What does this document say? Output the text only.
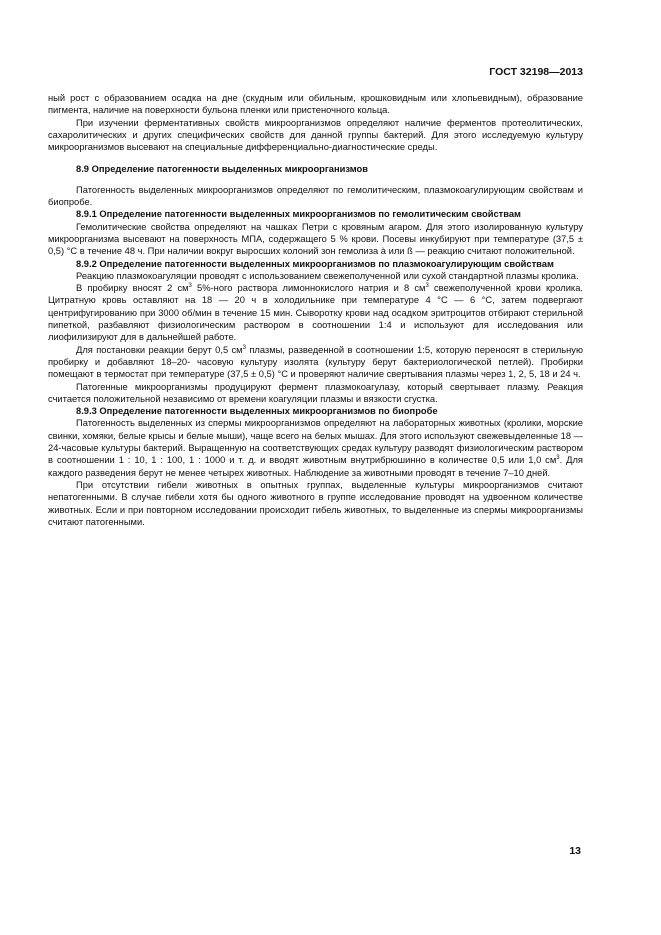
ГОСТ 32198—2013

ный рост с образованием осадка на дне (скудным или обильным, крошковидным или хлопьевидным), образование пигмента, наличие на поверхности бульона пленки или пристеночного кольца.

При изучении ферментативных свойств микроорганизмов определяют наличие ферментов протеолитических, сахаролитических и других специфических свойств для данной группы бактерий. Для этого исследуемую культуру микроорганизмов высевают на специальные дифференциально-диагностические среды.

8.9 Определение патогенности выделенных микроорганизмов

Патогенность выделенных микроорганизмов определяют по гемолитическим, плазмокоагулирующим свойствам и биопробе.

8.9.1 Определение патогенности выделенных микроорганизмов по гемолитическим свойствам

Гемолитические свойства определяют на чашках Петри с кровяным агаром. Для этого изолированную культуру микроорганизма высевают на поверхность МПА, содержащего 5 % крови. Посевы инкубируют при температуре (37,5 ± 0,5) °С в течение 48 ч. При наличии вокруг выросших колоний зон гемолиза à или ß — реакцию считают положительной.

8.9.2 Определение патогенности выделенных микроорганизмов по плазмокоагулирующим свойствам

Реакцию плазмокоагуляции проводят с использованием свежеполученной или сухой стандартной плазмы кролика.

В пробирку вносят 2 $см^3$ 5%-ного раствора лимоннокислого натрия и 8 $см^3$ свежеполученной крови кролика. Цитратную кровь оставляют на 18 — 20 ч в холодильнике при температуре 4 °С — 6 °С, затем подвергают центрифугированию при 3000 об/мин в течение 15 мин. Сыворотку крови над осадком эритроцитов отбирают стерильной пипеткой, разбавляют физиологическим раствором в соотношении 1:4 и используют для исследования или лиофилизируют для в дальнейшей работе.

Для постановки реакции берут 0,5 $см^3$ плазмы, разведенной в соотношении 1:5, которую переносят в стерильную пробирку и добавляют 18–20- часовую культуру изолята (культуру берут бактериологической петлей). Пробирки помещают в термостат при температуре (37,5 ± 0,5) °С и проверяют наличие свертывания плазмы через 1, 2, 5, 18 и 24 ч.

Патогенные микроорганизмы продуцируют фермент плазмокоагулазу, который свертывает плазму. Реакция считается положительной независимо от времени коагуляции плазмы и вязкости сгустка.

8.9.3 Определение патогенности выделенных микроорганизмов по биопробе

Патогенность выделенных из спермы микроорганизмов определяют на лабораторных животных (кролики, морские свинки, хомяки, белые крысы и белые мыши), чаще всего на белых мышах. Для этого используют свежевыделенные 18 — 24-часовые культуры бактерий. Выращенную на соответствующих средах культуру разводят физиологическим раствором в соотношении 1 : 10, 1 : 100, 1 : 1000 и т. д. и вводят животным внутрибрюшинно в количестве 0,5 или 1,0 $см^3$. Для каждого разведения берут не менее четырех животных. Наблюдение за животными проводят в течение 7–10 дней.

При отсутствии гибели животных в опытных группах, выделенные культуры микроорганизмов считают непатогенными. В случае гибели хотя бы одного животного в группе исследование проводят на удвоенном количестве животных. Если и при повторном исследовании происходит гибель животных, то выделенные из спермы микроорганизмы считают патогенными.

13
